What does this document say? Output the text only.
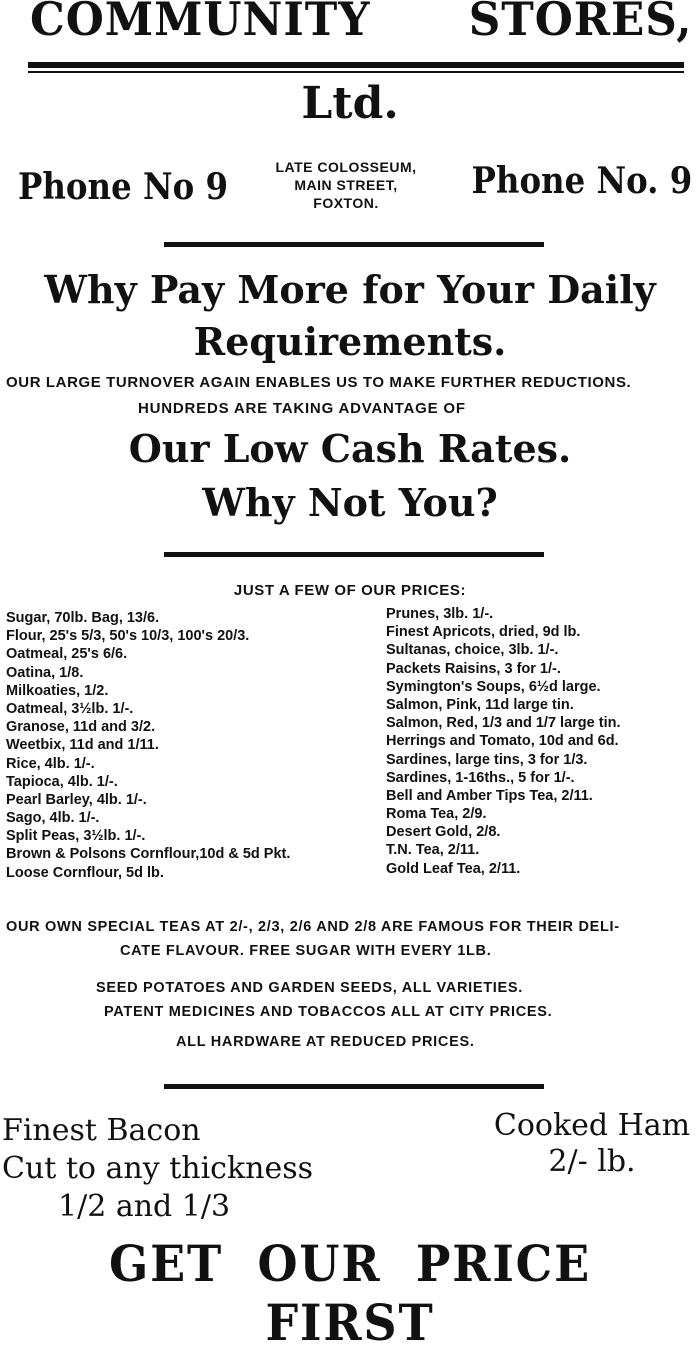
COMMUNITY STORES,
Ltd.
Phone No 9	LATE COLOSSEUM,
MAIN STREET,
FOXTON.
Phone No. 9
Why Pay More for Your Daily
Requirements.
OUR LARGE TURNOVER AGAIN ENABLES US TO MAKE FURTHER REDUCTIONS.
HUNDREDS ARE TAKING ADVANTAGE OF
Our Low Cash Rates.
Why Not You?
JUST A FEW OF OUR PRICES:
Sugar, 70lb. Bag, 13/6.
Flour, 25's 5/3, 50's 10/3, 100's 20/3.
Oatmeal, 25's 6/6.
Oatina, 1/8.
Milkoaties, 1/2.
Oatmeal, 3½lb. 1/-.
Granose, 11d and 3/2.
Weetbix, 11d and 1/11.
Rice, 4lb. 1/-.
Tapioca, 4lb. 1/-.
Pearl Barley, 4lb. 1/-.
Sago, 4lb. 1/-.
Split Peas, 3½lb. 1/-.
Brown & Polsons Cornflour,10d & 5d Pkt.
Loose Cornflour, 5d lb.
Prunes, 3lb. 1/-.
Finest Apricots, dried, 9d lb.
Sultanas, choice, 3lb. 1/-.
Packets Raisins, 3 for 1/-.
Symington's Soups, 6½d large.
Salmon, Pink, 11d large tin.
Salmon, Red, 1/3 and 1/7 large tin.
Herrings and Tomato, 10d and 6d.
Sardines, large tins, 3 for 1/3.
Sardines, 1-16ths., 5 for 1/-.
Bell and Amber Tips Tea, 2/11.
Roma Tea, 2/9.
Desert Gold, 2/8.
T.N. Tea, 2/11.
Gold Leaf Tea, 2/11.
OUR OWN SPECIAL TEAS AT 2/-, 2/3, 2/6 AND 2/8 ARE FAMOUS FOR THEIR DELI-
CATE FLAVOUR. FREE SUGAR WITH EVERY 1LB.
SEED POTATOES AND GARDEN SEEDS, ALL VARIETIES.
PATENT MEDICINES AND TOBACCOS ALL AT CITY PRICES.
ALL HARDWARE AT REDUCED PRICES.
Finest Bacon
Cut to any thickness
1/2 and 1/3
Cooked Ham
2/- lb.
GET OUR PRICE FIRST
